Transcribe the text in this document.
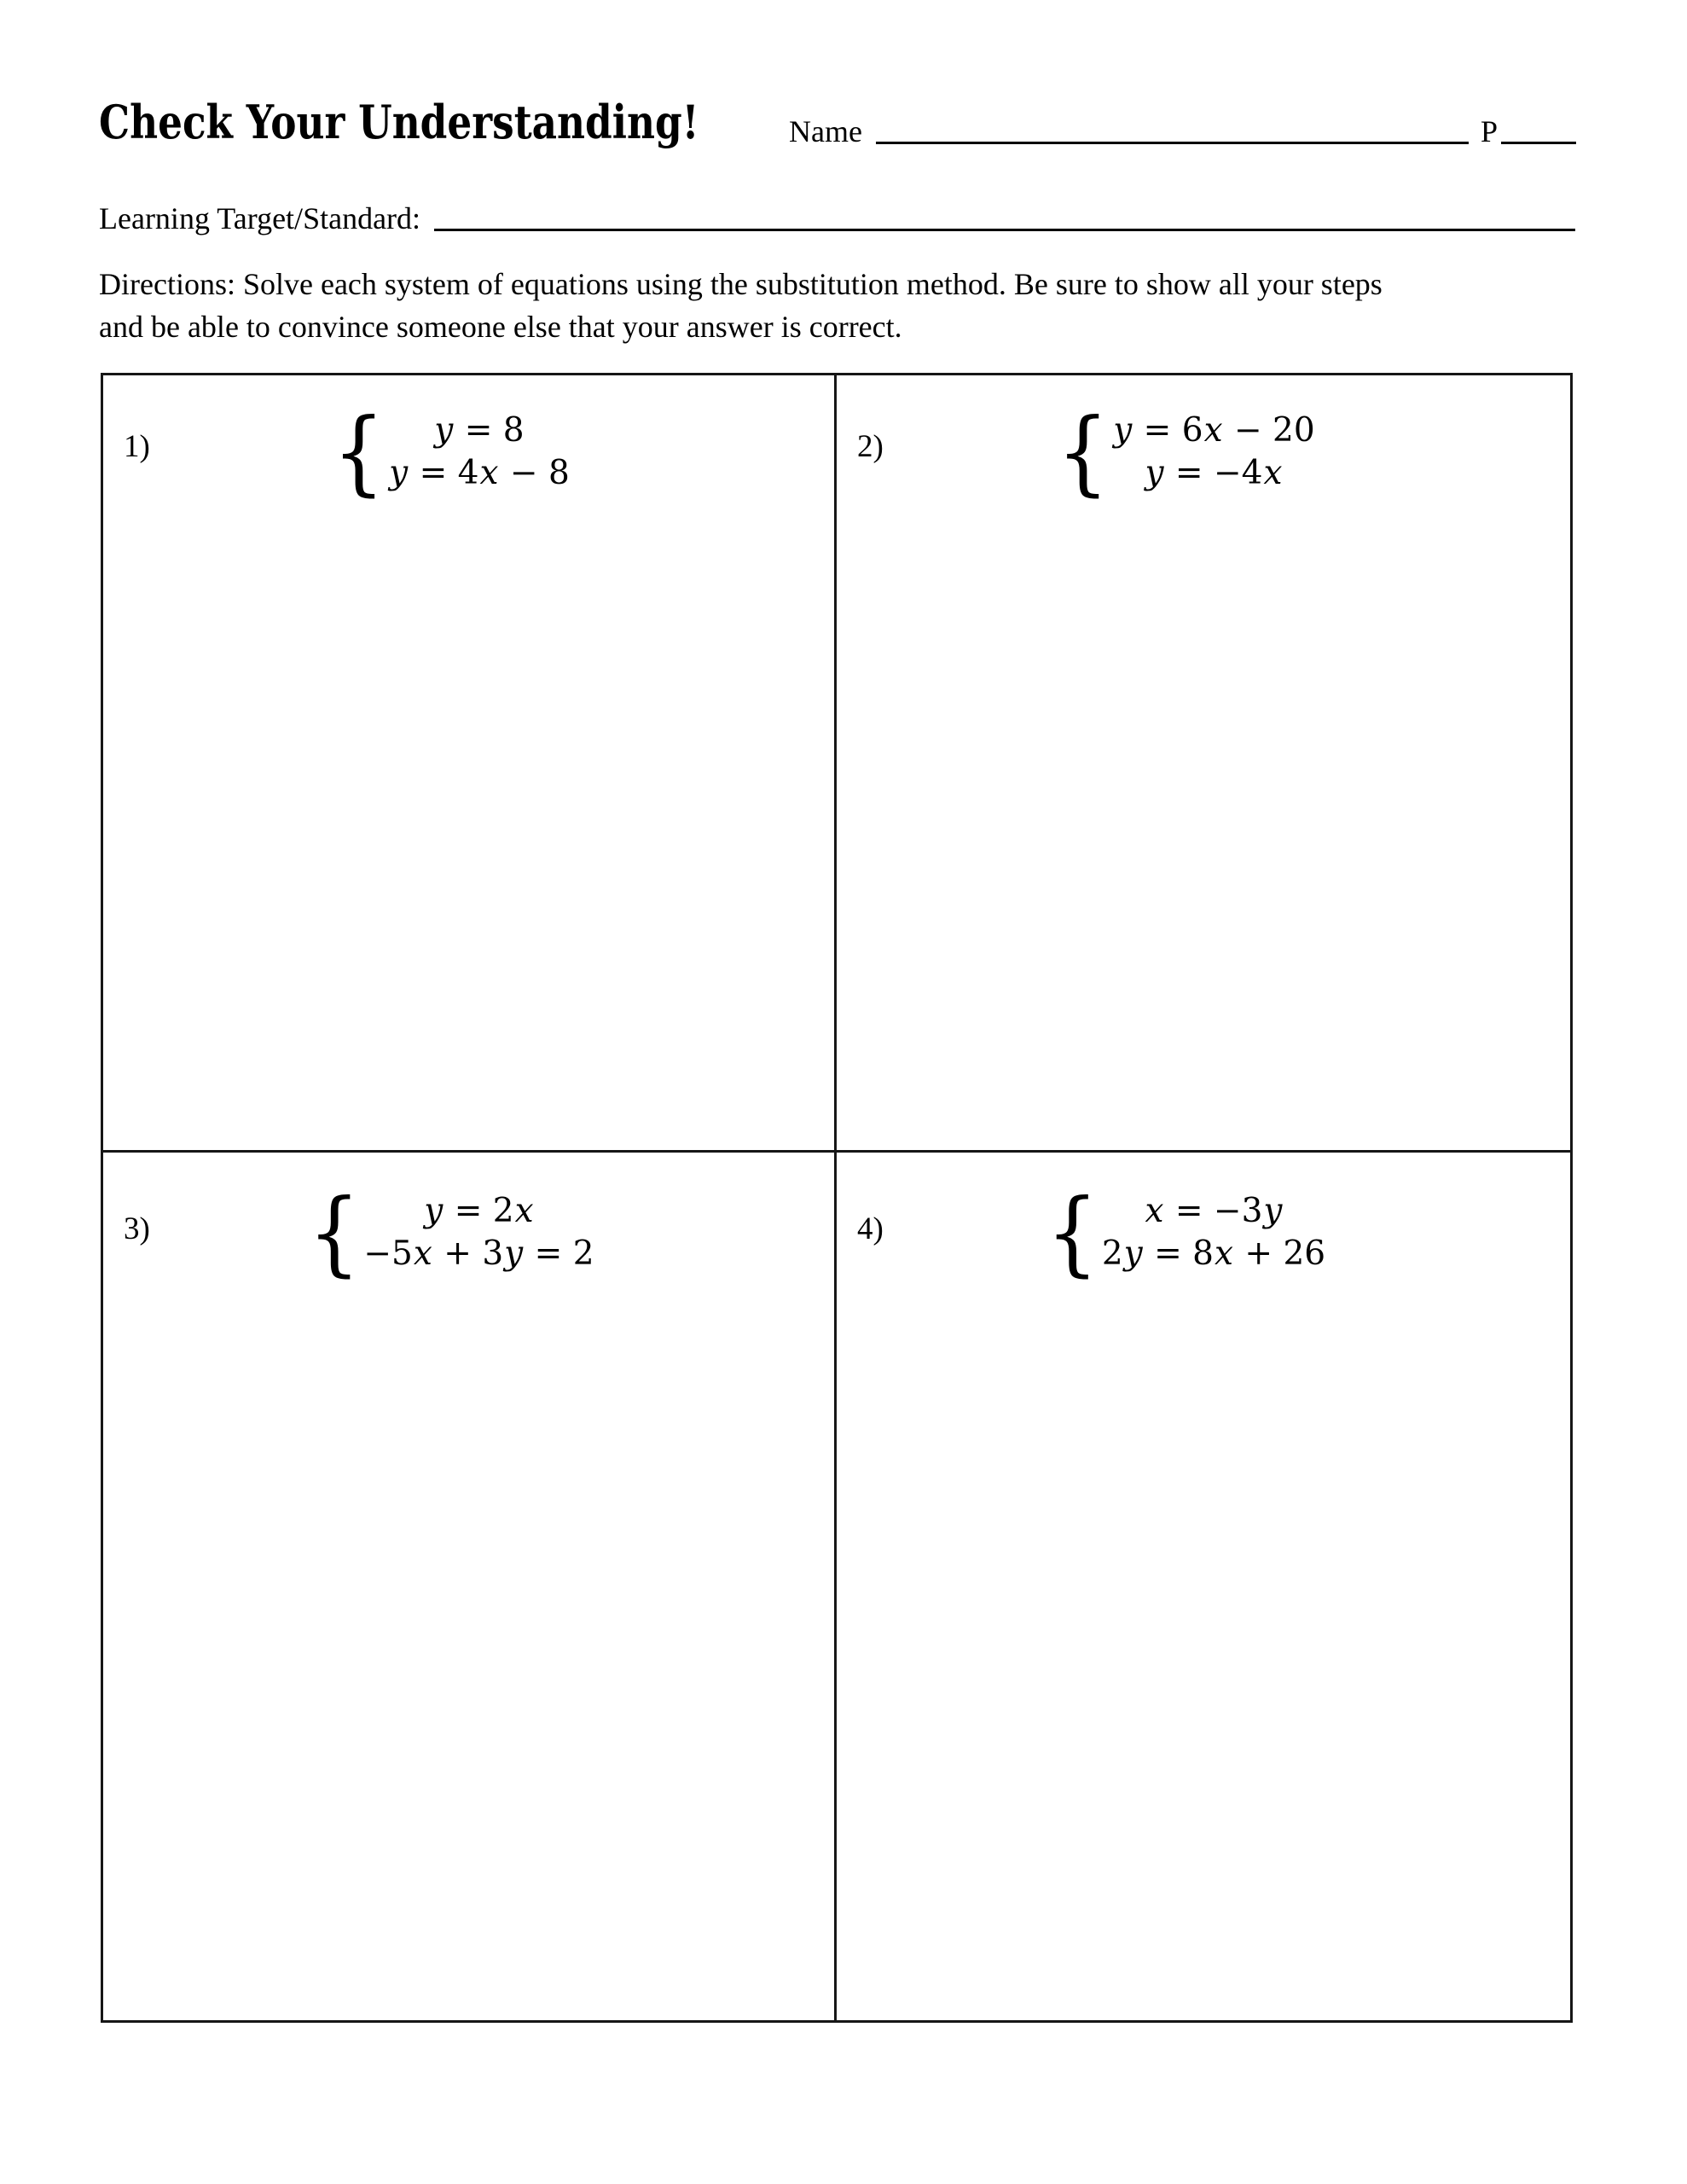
Check Your Understanding!	Name	P
Learning Target/Standard:
Directions: Solve each system of equations using the substitution method. Be sure to show all your steps
and be able to convince someone else that your answer is correct.
1) {	y = 8
y = 4x − 8
2) { y = 6x − 20
y = −4x
3) {	y = 2x
−5x + 3y = 2
4) {	x = −3y
2y = 8x + 26
